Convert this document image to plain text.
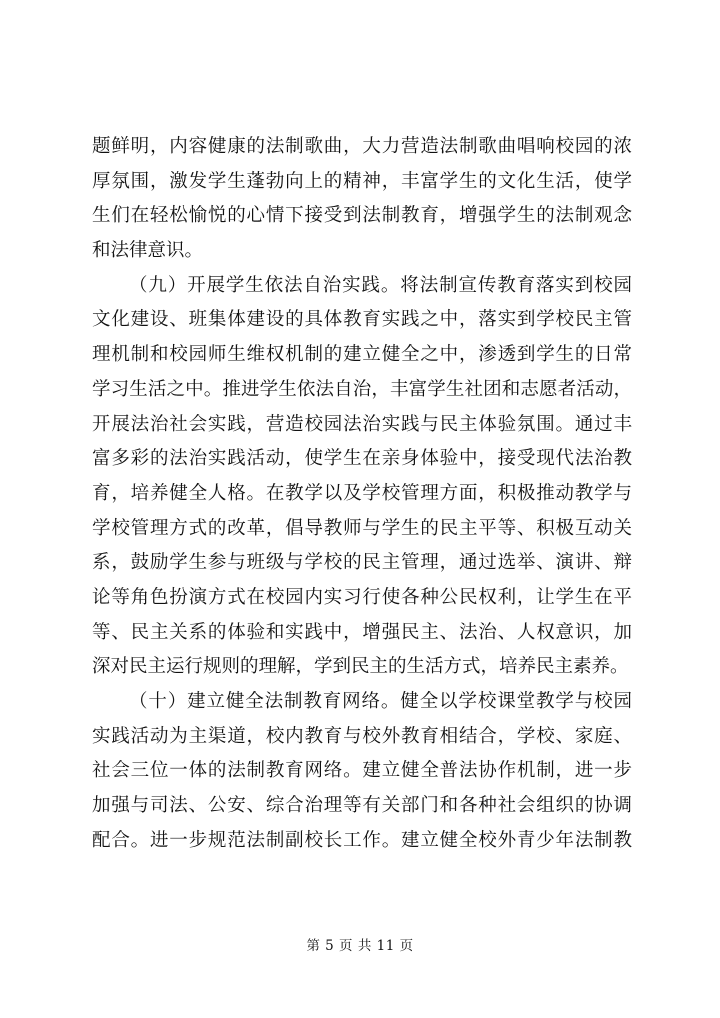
题鲜明，内容健康的法制歌曲，大力营造法制歌曲唱响校园的浓
厚氛围，激发学生蓬勃向上的精神，丰富学生的文化生活，使学
生们在轻松愉悦的心情下接受到法制教育，增强学生的法制观念
和法律意识。
（九）开展学生依法自治实践。将法制宣传教育落实到校园
文化建设、班集体建设的具体教育实践之中，落实到学校民主管
理机制和校园师生维权机制的建立健全之中，渗透到学生的日常
学习生活之中。推进学生依法自治，丰富学生社团和志愿者活动，
开展法治社会实践，营造校园法治实践与民主体验氛围。通过丰
富多彩的法治实践活动，使学生在亲身体验中，接受现代法治教
育，培养健全人格。在教学以及学校管理方面，积极推动教学与
学校管理方式的改革，倡导教师与学生的民主平等、积极互动关
系，鼓励学生参与班级与学校的民主管理，通过选举、演讲、辩
论等角色扮演方式在校园内实习行使各种公民权利，让学生在平
等、民主关系的体验和实践中，增强民主、法治、人权意识，加
深对民主运行规则的理解，学到民主的生活方式，培养民主素养。
（十）建立健全法制教育网络。健全以学校课堂教学与校园
实践活动为主渠道，校内教育与校外教育相结合，学校、家庭、
社会三位一体的法制教育网络。建立健全普法协作机制，进一步
加强与司法、公安、综合治理等有关部门和各种社会组织的协调
配合。进一步规范法制副校长工作。建立健全校外青少年法制教
第 5 页 共 11 页
